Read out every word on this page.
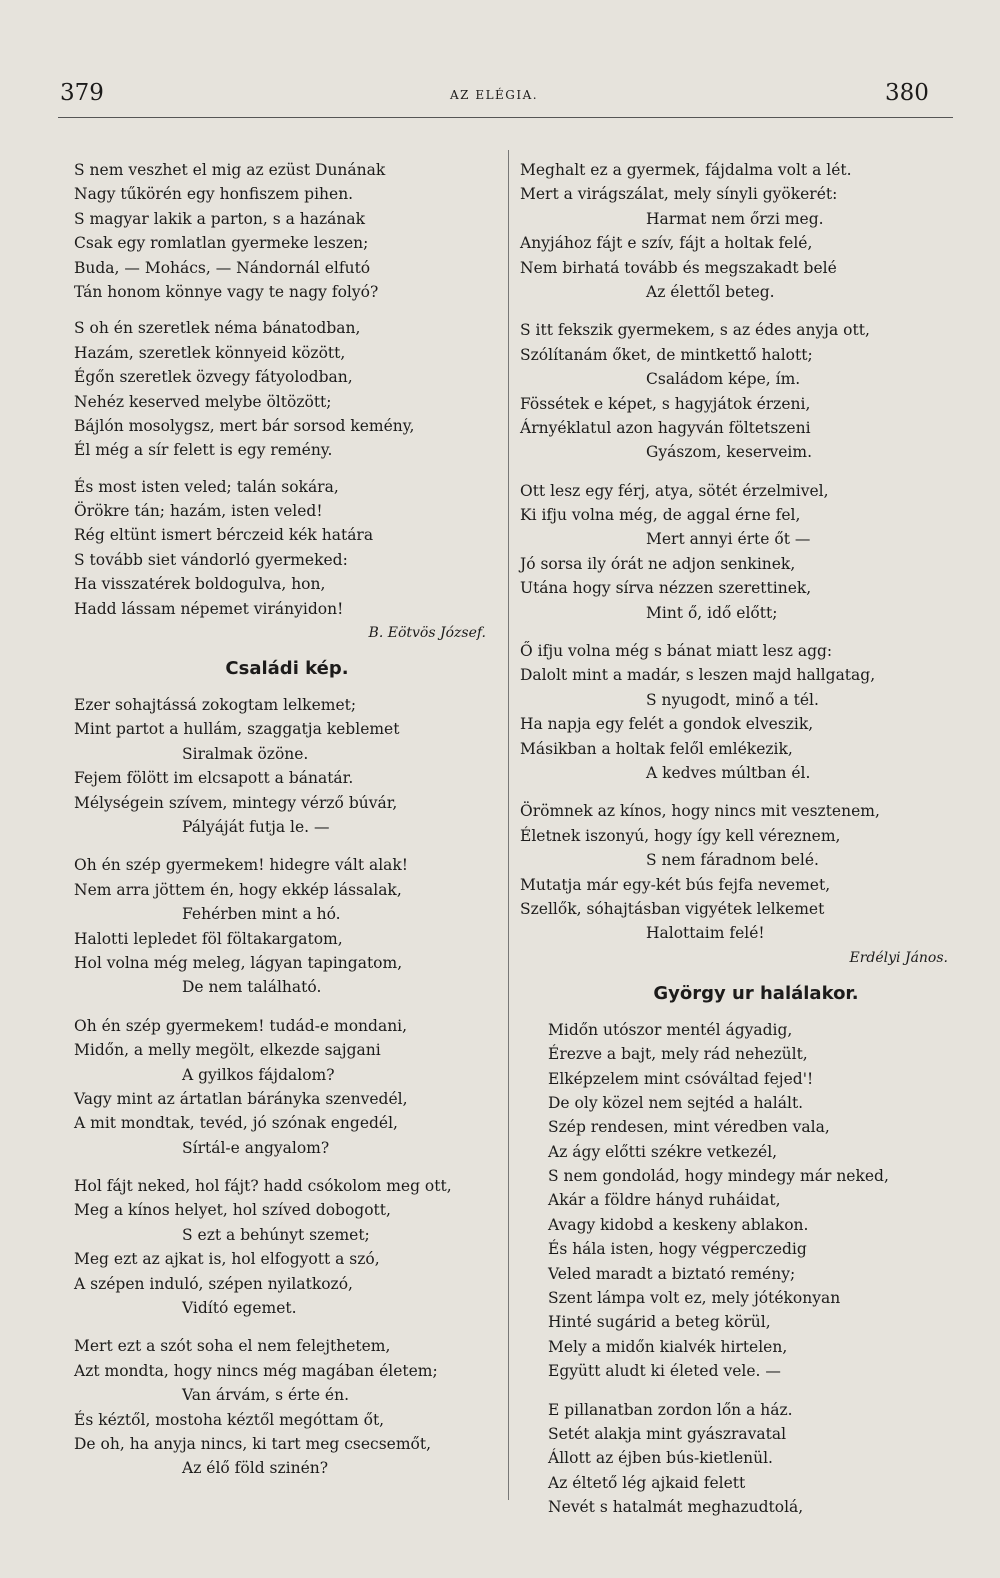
379	AZ ELÉGIA.	380
S nem veszhet el mig az ezüst Dunának
Nagy tűkörén egy honfiszem pihen.
S magyar lakik a parton, s a hazának
Csak egy romlatlan gyermeke leszen;
Buda, — Mohács, — Nándornál elfutó
Tán honom könnye vagy te nagy folyó?
S oh én szeretlek néma bánatodban,
Hazám, szeretlek könnyeid között,
Égőn szeretlek özvegy fátyolodban,
Nehéz keserved melybe öltözött;
Bájlón mosolygsz, mert bár sorsod kemény,
Él még a sír felett is egy remény.
És most isten veled; talán sokára,
Örökre tán; hazám, isten veled!
Rég eltünt ismert bérczeid kék határa
S tovább siet vándorló gyermeked:
Ha visszatérek boldogulva, hon,
Hadd lássam népemet virányidon!
B. Eötvös József.
Családi kép.
Ezer sohajtássá zokogtam lelkemet;
Mint partot a hullám, szaggatja keblemet
Siralmak özöne.
Fejem fölött im elcsapott a bánatár.
Mélységein szívem, mintegy vérző búvár,
Pályáját futja le. —
Oh én szép gyermekem! hidegre vált alak!
Nem arra jöttem én, hogy ekkép lássalak,
Fehérben mint a hó.
Halotti lepledet föl föltakargatom,
Hol volna még meleg, lágyan tapingatom,
De nem található.
Oh én szép gyermekem! tudád-e mondani,
Midőn, a melly megölt, elkezde sajgani
A gyilkos fájdalom?
Vagy mint az ártatlan bárán​yka szenvedél,
A mit mondtak, tevéd, jó szónak engedél,
Sírtál-e angyalom?
Hol fájt neked, hol fájt? hadd csókolom meg ott,
Meg a kínos helyet, hol szíved dobogott,
S ezt a behúnyt szemet;
Meg ezt az ajkat is, hol elfogyott a szó,
A szépen induló, szépen nyilatkozó,
Vidító egemet.
Mert ezt a szót soha el nem felejthetem,
Azt mondta, hogy nincs még magában életem;
Van árvám, s érte én.
És kéztől, mostoha kéztől megóttam őt,
De oh, ha anyja nincs, ki tart meg csecsemőt,
Az élő föld szinén?
Meghalt ez a gyermek, fájdalma volt a lét.
Mert a virágszálat, mely sínyli gyökerét:
Harmat nem őrzi meg.
Anyjához fájt e szív, fájt a holtak felé,
Nem birhatá tovább és megszakadt belé
Az élettől beteg.
S itt fekszik gyermekem, s az édes anyja ott,
Szólítanám őket, de mintkettő halott;
Családom képe, ím.
Fössétek e képet, s hagyjátok érzeni,
Árnyéklatul azon hagyván föltetszeni
Gyászom, keserveim.
Ott lesz egy férj, atya, sötét érzelmivel,
Ki ifju volna még, de aggal érne fel,
Mert annyi érte őt —
Jó sorsa ily órát ne adjon senkinek,
Utána hogy sírva nézzen szerettinek,
Mint ő, idő előtt;
Ő ifju volna még s bánat miatt lesz agg:
Dalolt mint a madár, s leszen majd hallgatag,
S nyugodt, minő a tél.
Ha napja egy felét a gondok elveszik,
Másikban a holtak felől emlékezik,
A kedves múltban él.
Örömnek az kínos, hogy nincs mit vesztenem,
Életnek iszonyú, hogy így kell véreznem,
S nem fáradnom belé.
Mutatja már egy-két bús fejfa nevemet,
Szellők, sóhajtásban vigyétek lelkemet
Halottaim felé!
Erdélyi János.
György ur halálakor.
Midőn utószor mentél ágyadig,
Érezve a bajt, mely rád nehezült,
Elképzelem mint csóváltad fejed'!
De oly közel nem sejtéd a halált.
Szép rendesen, mint véredben vala,
Az ágy előtti székre vetkezél,
S nem gondolád, hogy mindegy már neked,
Akár a földre hányd ruháidat,
Avagy kidobd a keskeny ablakon.
És hála isten, hogy végperczedig
Veled maradt a biztató remény;
Szent lámpa volt ez, mely jótékonyan
Hinté sugárid a beteg körül,
Mely a midőn kialvék hirtelen,
Együtt aludt ki életed vele. —
E pillanatban zordon lőn a ház.
Setét alakja mint gyászravatal
Állott az éjben bús-kietlenül.
Az éltető lég ajkaid felett
Nevét s hatalmát meghazudtolá,
